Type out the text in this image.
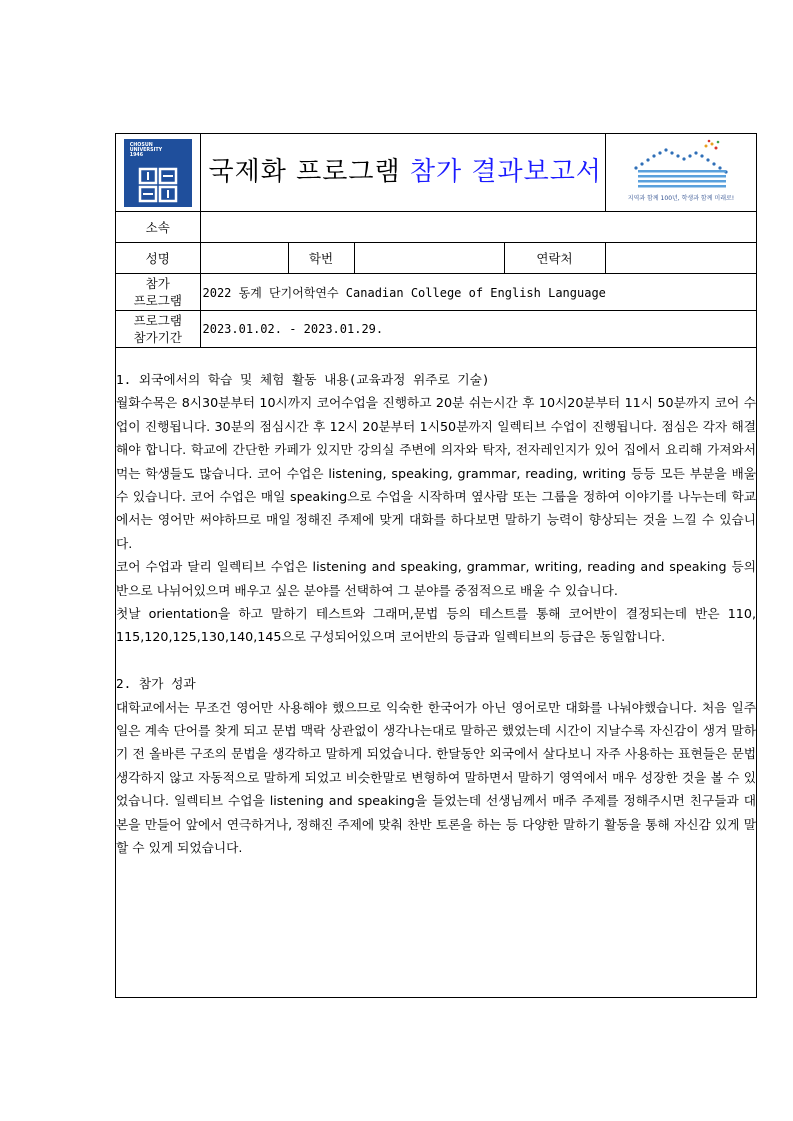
CHOSUN
UNIVERSITY
1946	국제화 프로그램 참가 결과보고서				지역과 함께 100년, 학생과 함께 미래로!

소속					
성명		학번		연락처	
참가
프로그램	2022 동계 단기어학연수 Canadian College of English Language				
프로그램
참가기간	2023.01.02. - 2023.01.29.				

1. 외국에서의 학습 및 체험 활동 내용(교육과정 위주로 기술)

월화수목은 8시30분부터 10시까지 코어수업을 진행하고 20분 쉬는시간 후 10시20분부터 11시 50분까지 코어 수업이 진행됩니다. 30분의 점심시간 후 12시 20분부터 1시50분까지 일렉티브 수업이 진행됩니다. 점심은 각자 해결해야 합니다. 학교에 간단한 카페가 있지만 강의실 주변에 의자와 탁자, 전자레인지가 있어 집에서 요리해 가져와서 먹는 학생들도 많습니다. 코어 수업은 listening, speaking, grammar, reading, writing 등등 모든 부분을 배울 수 있습니다. 코어 수업은 매일 speaking으로 수업을 시작하며 옆사람 또는 그룹을 정하여 이야기를 나누는데 학교에서는 영어만 써야하므로 매일 정해진 주제에 맞게 대화를 하다보면 말하기 능력이 향상되는 것을 느낄 수 있습니다.

코어 수업과 달리 일렉티브 수업은 listening and speaking, grammar, writing, reading and speaking 등의 반으로 나뉘어있으며 배우고 싶은 분야를 선택하여 그 분야를 중점적으로 배울 수 있습니다.

첫날 orientation을 하고 말하기 테스트와 그래머,문법 등의 테스트를 통해 코어반이 결정되는데 반은 110, 115,120,125,130,140,145으로 구성되어있으며 코어반의 등급과 일렉티브의 등급은 동일합니다.

2. 참가 성과

대학교에서는 무조건 영어만 사용해야 했으므로 익숙한 한국어가 아닌 영어로만 대화를 나눠야했습니다. 처음 일주일은 계속 단어를 찾게 되고 문법 맥락 상관없이 생각나는대로 말하곤 했었는데 시간이 지날수록 자신감이 생겨 말하기 전 올바른 구조의 문법을 생각하고 말하게 되었습니다. 한달동안 외국에서 살다보니 자주 사용하는 표현들은 문법 생각하지 않고 자동적으로 말하게 되었고 비슷한말로 변형하여 말하면서 말하기 영역에서 매우 성장한 것을 볼 수 있었습니다. 일렉티브 수업을 listening and speaking을 들었는데 선생님께서 매주 주제를 정해주시면 친구들과 대본을 만들어 앞에서 연극하거나, 정해진 주제에 맞춰 찬반 토론을 하는 등 다양한 말하기 활동을 통해 자신감 있게 말할 수 있게 되었습니다.
